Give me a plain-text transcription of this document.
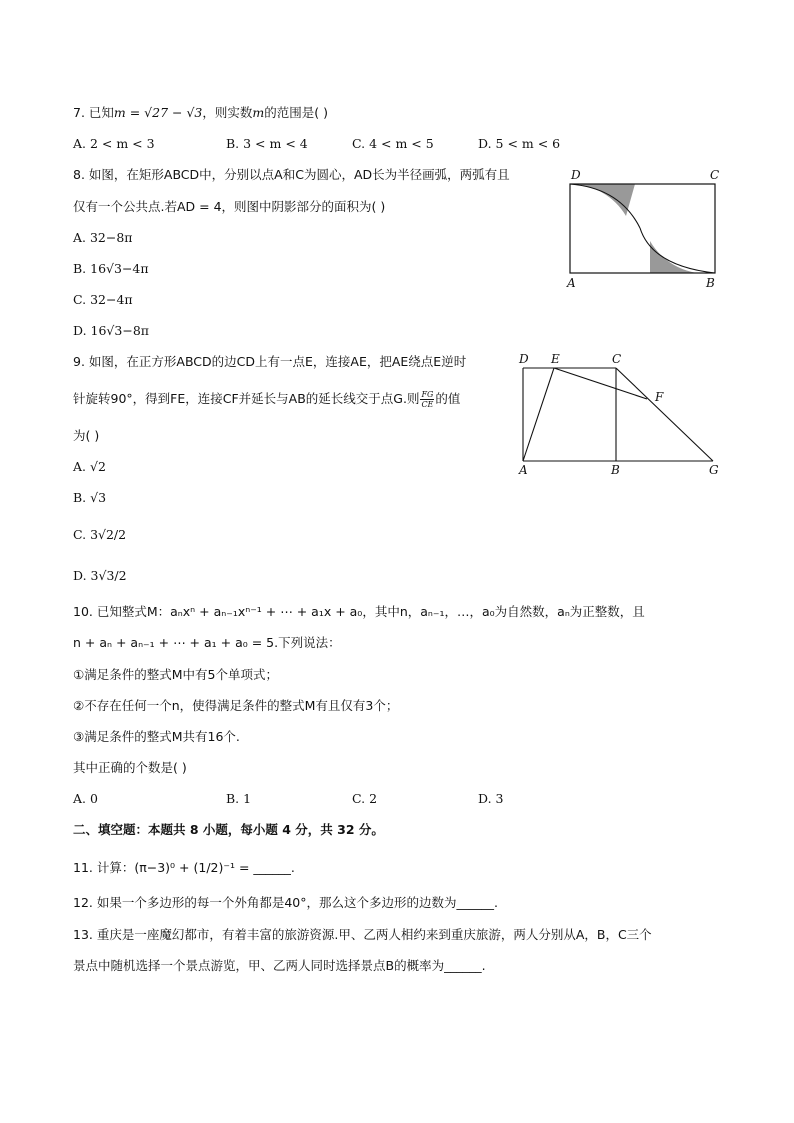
7. 已知m = √27 − √3，则实数m的范围是( )
A. 2 < m < 3	B. 3 < m < 4	C. 4 < m < 5	D. 5 < m < 6
8. 如图，在矩形ABCD中，分别以点A和C为圆心，AD长为半径画弧，两弧有且
仅有一个公共点.若AD = 4，则图中阴影部分的面积为( )
A. 32−8π
B. 16√3−4π
C. 32−4π
D. 16√3−8π
D	C
A	B
9. 如图，在正方形ABCD的边CD上有一点E，连接AE，把AE绕点E逆时
针旋转90°，得到FE，连接CF并延长与AB的延长线交于点G.则 $\frac{FG}{CE}$ 的值
为( )
A. √2
B. √3
C. 3√2/2
D. 3√3/2
D E	C
F
A	B	G
10. 已知整式M：aₙxⁿ + aₙ₋₁xⁿ⁻¹ + ⋯ + a₁x + a₀，其中n，aₙ₋₁，…，a₀为自然数，aₙ为正整数，且
n + aₙ + aₙ₋₁ + ⋯ + a₁ + a₀ = 5.下列说法：
①满足条件的整式M中有5个单项式；
②不存在任何一个n，使得满足条件的整式M有且仅有3个；
③满足条件的整式M共有16个.
其中正确的个数是( )
A. 0	B. 1	C. 2	D. 3
二、填空题：本题共 8 小题，每小题 4 分，共 32 分。
11. 计算：(π−3)⁰ + (1/2)⁻¹ = ______.
12. 如果一个多边形的每一个外角都是40°，那么这个多边形的边数为______.
13. 重庆是一座魔幻都市，有着丰富的旅游资源.甲、乙两人相约来到重庆旅游，两人分别从A，B，C三个
景点中随机选择一个景点游览，甲、乙两人同时选择景点B的概率为______.
